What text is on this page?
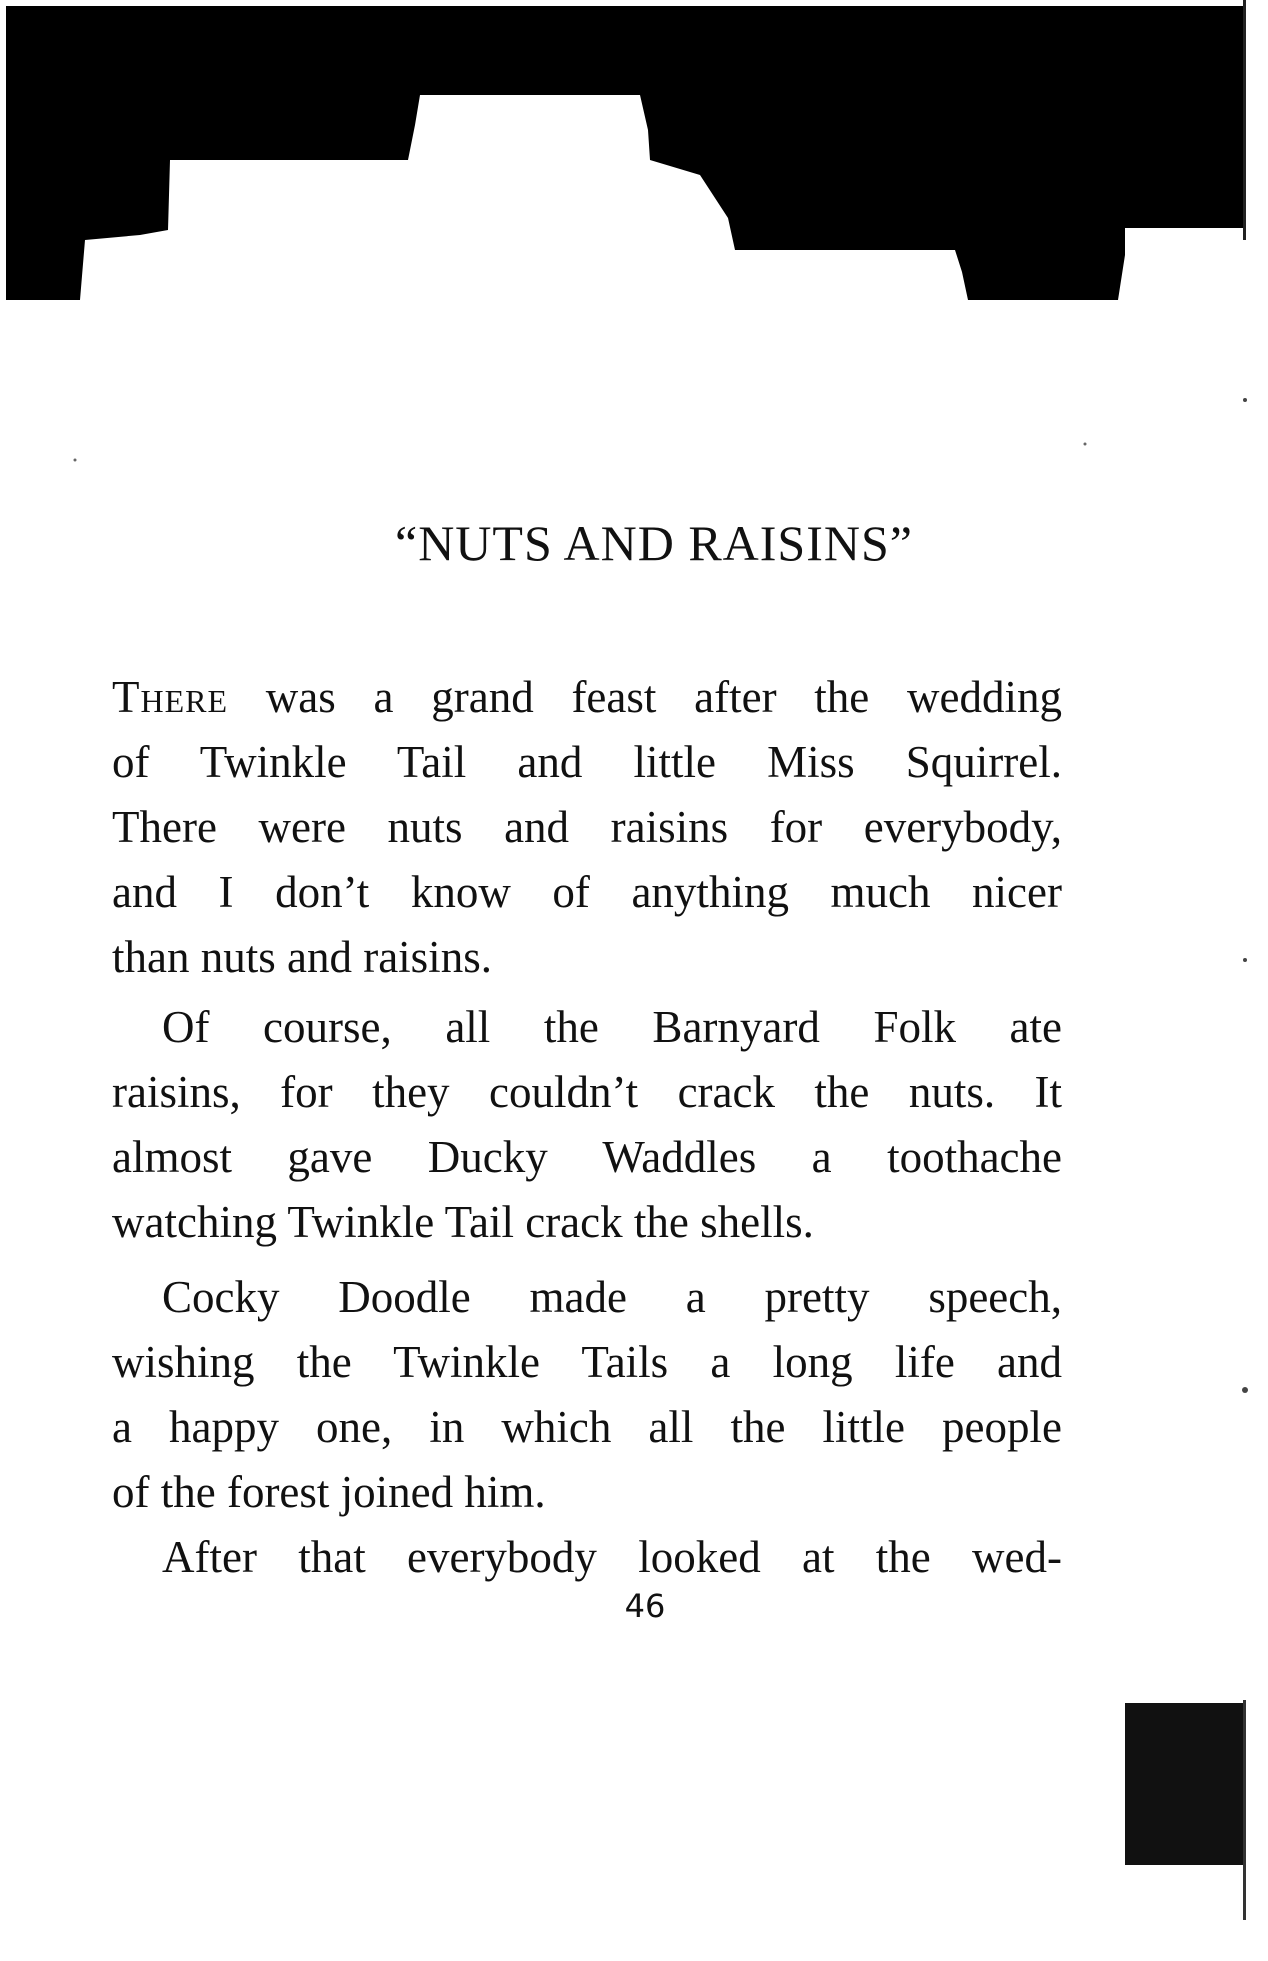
“NUTS AND RAISINS”
There was a grand feast after the wedding
of Twinkle Tail and little Miss Squirrel.
There were nuts and raisins for everybody,
and I don’t know of anything much nicer
than nuts and raisins.
Of course, all the Barnyard Folk ate
raisins, for they couldn’t crack the nuts. It
almost gave Ducky Waddles a toothache
watching Twinkle Tail crack the shells.
Cocky Doodle made a pretty speech,
wishing the Twinkle Tails a long life and
a happy one, in which all the little people
of the forest joined him.
After that everybody looked at the wed-
46
